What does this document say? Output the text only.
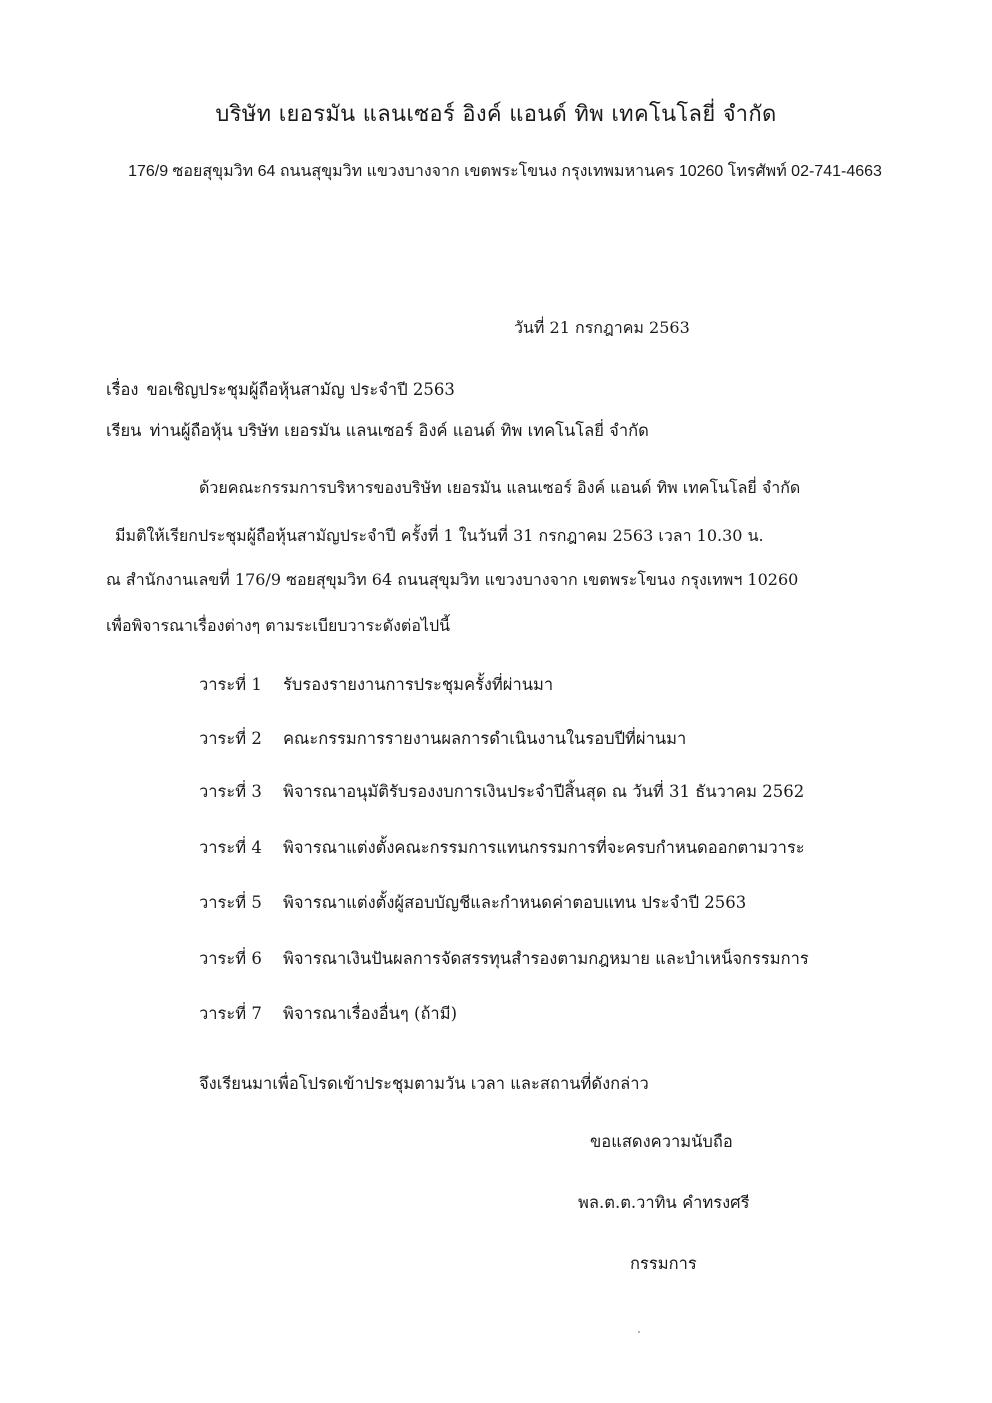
บริษัท เยอรมัน แลนเซอร์ อิงค์ แอนด์ ทิพ เทคโนโลยี่ จำกัด
176/9 ซอยสุขุมวิท 64 ถนนสุขุมวิท แขวงบางจาก เขตพระโขนง กรุงเทพมหานคร 10260 โทรศัพท์ 02-741-4663
วันที่ 21 กรกฎาคม 2563
เรื่อง ขอเชิญประชุมผู้ถือหุ้นสามัญ ประจำปี 2563
เรียน ท่านผู้ถือหุ้น บริษัท เยอรมัน แลนเซอร์ อิงค์ แอนด์ ทิพ เทคโนโลยี่ จำกัด
ด้วยคณะกรรมการบริหารของบริษัท เยอรมัน แลนเซอร์ อิงค์ แอนด์ ทิพ เทคโนโลยี่ จำกัด
มีมติให้เรียกประชุมผู้ถือหุ้นสามัญประจำปี ครั้งที่ 1 ในวันที่ 31 กรกฎาคม 2563 เวลา 10.30 น.
ณ สำนักงานเลขที่ 176/9 ซอยสุขุมวิท 64 ถนนสุขุมวิท แขวงบางจาก เขตพระโขนง กรุงเทพฯ 10260
เพื่อพิจารณาเรื่องต่างๆ ตามระเบียบวาระดังต่อไปนี้
วาระที่ 1 รับรองรายงานการประชุมครั้งที่ผ่านมา
วาระที่ 2 คณะกรรมการรายงานผลการดำเนินงานในรอบปีที่ผ่านมา
วาระที่ 3 พิจารณาอนุมัติรับรองงบการเงินประจำปีสิ้นสุด ณ วันที่ 31 ธันวาคม 2562
วาระที่ 4 พิจารณาแต่งตั้งคณะกรรมการแทนกรรมการที่จะครบกำหนดออกตามวาระ
วาระที่ 5 พิจารณาแต่งตั้งผู้สอบบัญชีและกำหนดค่าตอบแทน ประจำปี 2563
วาระที่ 6 พิจารณาเงินปันผลการจัดสรรทุนสำรองตามกฎหมาย และบำเหน็จกรรมการ
วาระที่ 7 พิจารณาเรื่องอื่นๆ (ถ้ามี)
จึงเรียนมาเพื่อโปรดเข้าประชุมตามวัน เวลา และสถานที่ดังกล่าว
ขอแสดงความนับถือ
พล.ต.ต.วาทิน คำทรงศรี
กรรมการ
